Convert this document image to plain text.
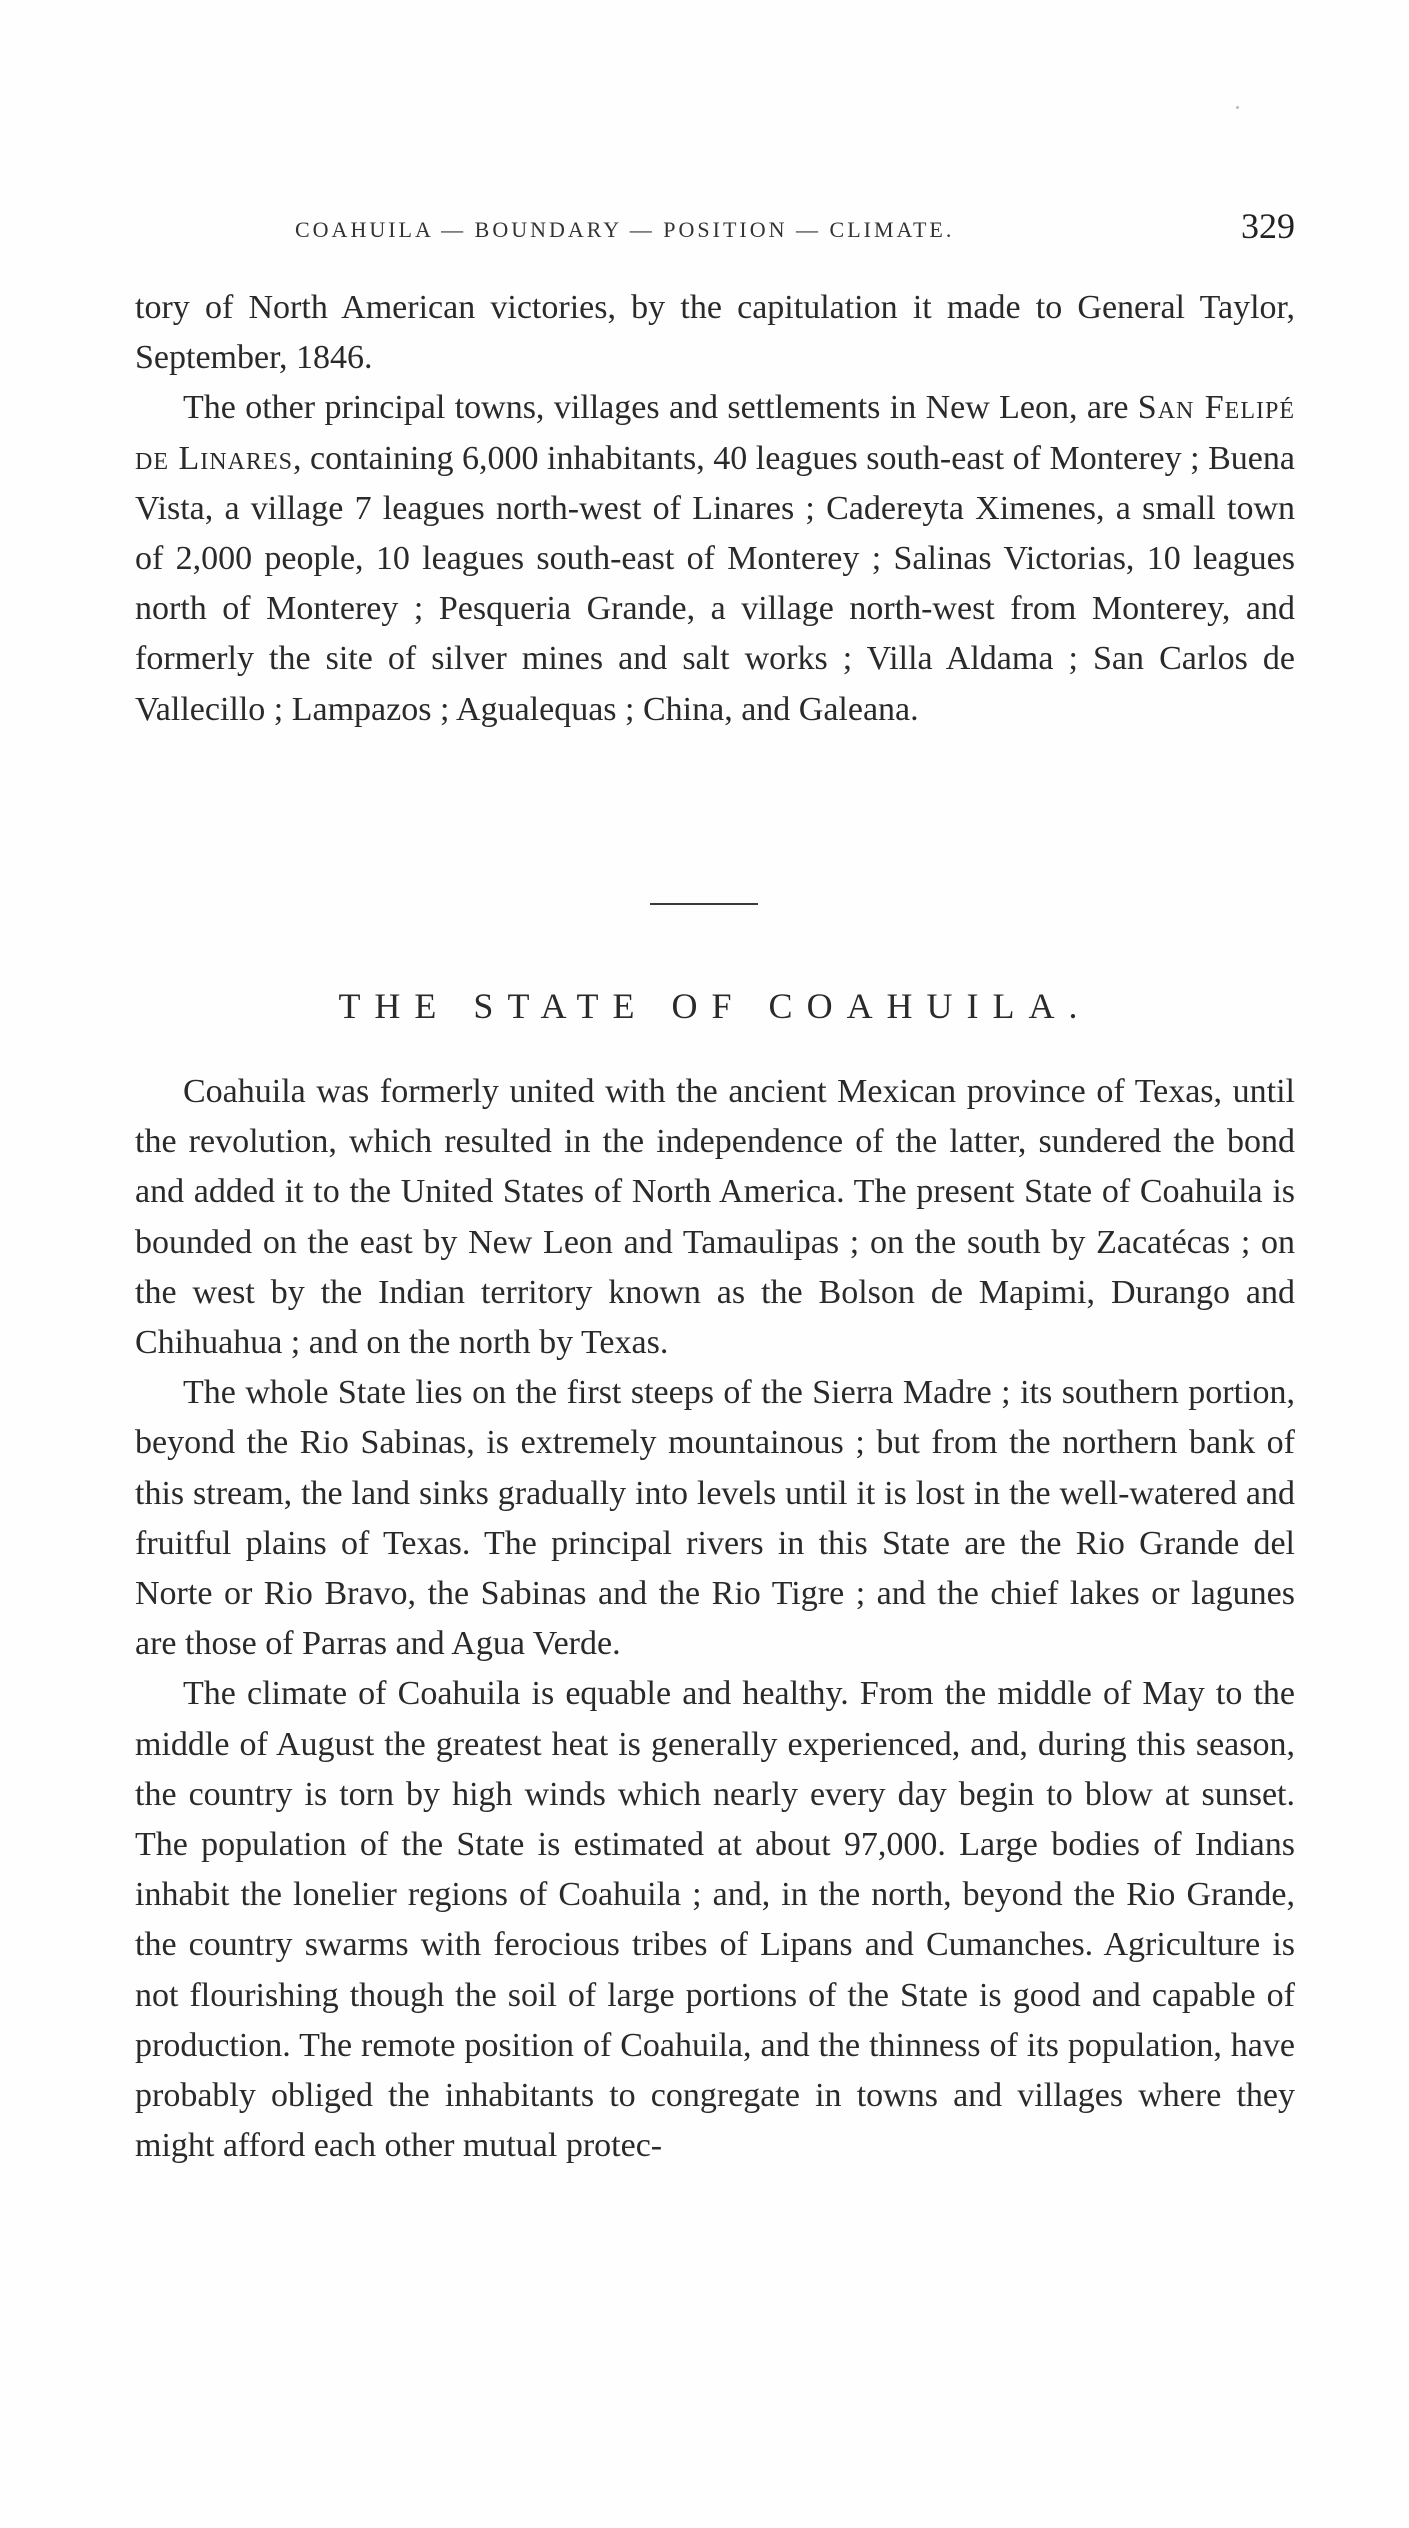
COAHUILA — BOUNDARY — POSITION — CLIMATE.	329

tory of North American victories, by the capitulation it made to General Taylor, September, 1846.

The other principal towns, villages and settlements in New Leon, are San Felipé de Linares, containing 6,000 inhabitants, 40 leagues south-east of Monterey ; Buena Vista, a village 7 leagues north-west of Linares ; Cadereyta Ximenes, a small town of 2,000 people, 10 leagues south-east of Monterey ; Salinas Victorias, 10 leagues north of Monterey ; Pesqueria Grande, a village north-west from Monterey, and formerly the site of silver mines and salt works ; Villa Aldama ; San Carlos de Vallecillo ; Lampazos ; Agualequas ; China, and Galeana.

THE STATE OF COAHUILA.

Coahuila was formerly united with the ancient Mexican province of Texas, until the revolution, which resulted in the independence of the latter, sundered the bond and added it to the United States of North America. The present State of Coahuila is bounded on the east by New Leon and Tamaulipas ; on the south by Zacatécas ; on the west by the Indian territory known as the Bolson de Mapimi, Durango and Chihuahua ; and on the north by Texas.

The whole State lies on the first steeps of the Sierra Madre ; its southern portion, beyond the Rio Sabinas, is extremely mountainous ; but from the northern bank of this stream, the land sinks gradually into levels until it is lost in the well-watered and fruitful plains of Texas. The principal rivers in this State are the Rio Grande del Norte or Rio Bravo, the Sabinas and the Rio Tigre ; and the chief lakes or lagunes are those of Parras and Agua Verde.

The climate of Coahuila is equable and healthy. From the middle of May to the middle of August the greatest heat is generally experienced, and, during this season, the country is torn by high winds which nearly every day begin to blow at sunset. The population of the State is estimated at about 97,000. Large bodies of Indians inhabit the lonelier regions of Coahuila ; and, in the north, beyond the Rio Grande, the country swarms with ferocious tribes of Lipans and Cumanches. Agriculture is not flourishing though the soil of large portions of the State is good and capable of production. The remote position of Coahuila, and the thinness of its population, have probably obliged the inhabitants to congregate in towns and villages where they might afford each other mutual protec-
